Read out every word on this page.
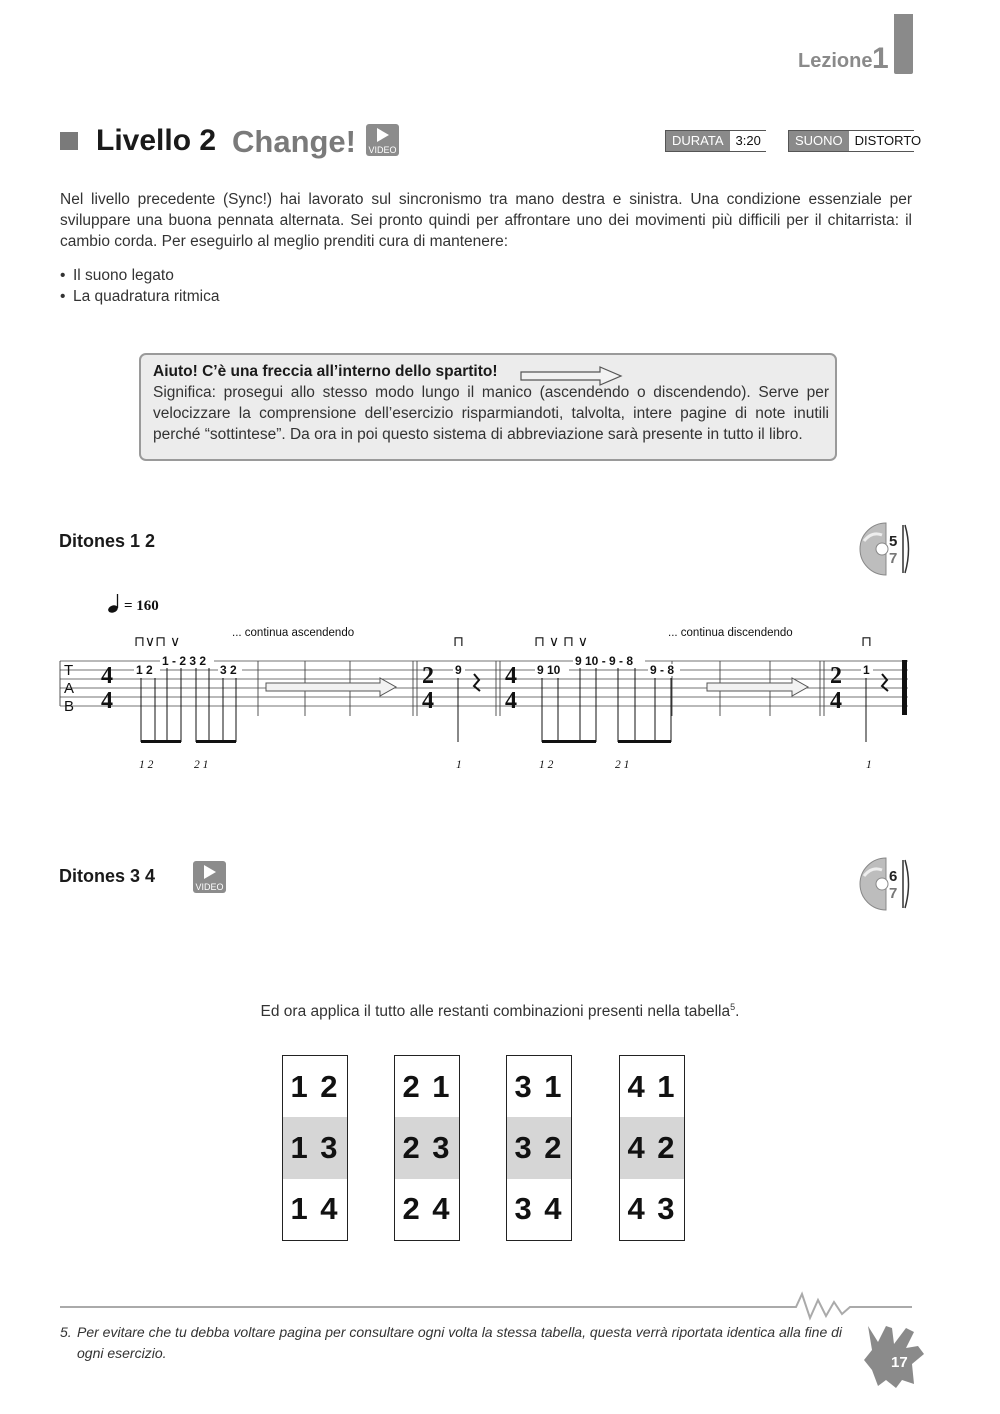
Lezione 1
Livello 2 Change! VIDEO
DURATA 3:20	SUONO DISTORTO
Nel livello precedente (Sync!) hai lavorato sul sincronismo tra mano destra e sinistra. Una condizione essenziale per sviluppare una buona pennata alternata. Sei pronto quindi per affrontare uno dei movimenti più difficili per il chitarrista: il cambio corda. Per eseguirlo al meglio prenditi cura di mantenere:
• Il suono legato
• La quadratura ritmica
Aiuto! C’è una freccia all’interno dello spartito!
Significa: prosegui allo stesso modo lungo il manico (ascendendo o discendendo). Serve per velocizzare la comprensione dell’esercizio risparmiandoti, talvolta, intere pagine di note inutili perché “sottintese”. Da ora in poi questo sistema di abbreviazione sarà presente in tutto il libro.
Ditones 1 2	5
7
= 160
... continua ascendendo	... continua discendendo
⊓∨⊓ ∨	⊓	⊓ ∨ ⊓ ∨	⊓
T
A
B
4
4
2
4
4
4
2
4
1 2
1 - 2 3 2
3 2	9	9 10
9 10 - 9 - 8
9 - 8	1
1 2	2 1	1	1 2	2 1	1
Ditones 3 4
VIDEO
6
7
Ed ora applica il tutto alle restanti combinazioni presenti nella tabella$^5$.
1 2
1 3
1 4
2 1
2 3
2 4
3 1
3 2
3 4
4 1
4 2
4 3
5. Per evitare che tu debba voltare pagina per consultare ogni volta la stessa tabella, questa verrà riportata identica alla fine di
ogni esercizio.
17
